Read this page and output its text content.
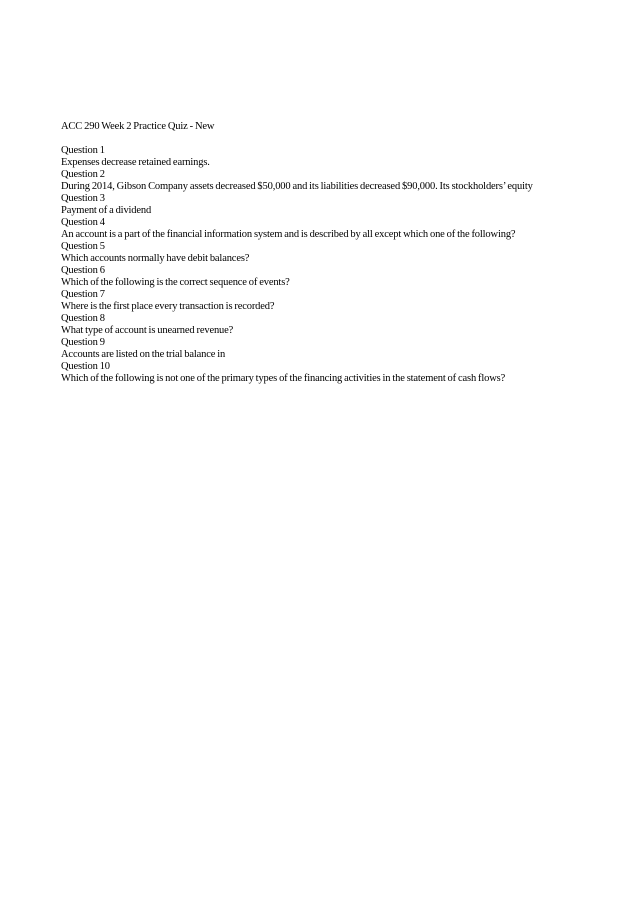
ACC 290 Week 2 Practice Quiz - New
Question 1
Expenses decrease retained earnings.
Question 2
During 2014, Gibson Company assets decreased $50,000 and its liabilities decreased $90,000. Its stockholders’ equity
Question 3
Payment of a dividend
Question 4
An account is a part of the financial information system and is described by all except which one of the following?
Question 5
Which accounts normally have debit balances?
Question 6
Which of the following is the correct sequence of events?
Question 7
Where is the first place every transaction is recorded?
Question 8
What type of account is unearned revenue?
Question 9
Accounts are listed on the trial balance in
Question 10
Which of the following is not one of the primary types of the financing activities in the statement of cash flows?
